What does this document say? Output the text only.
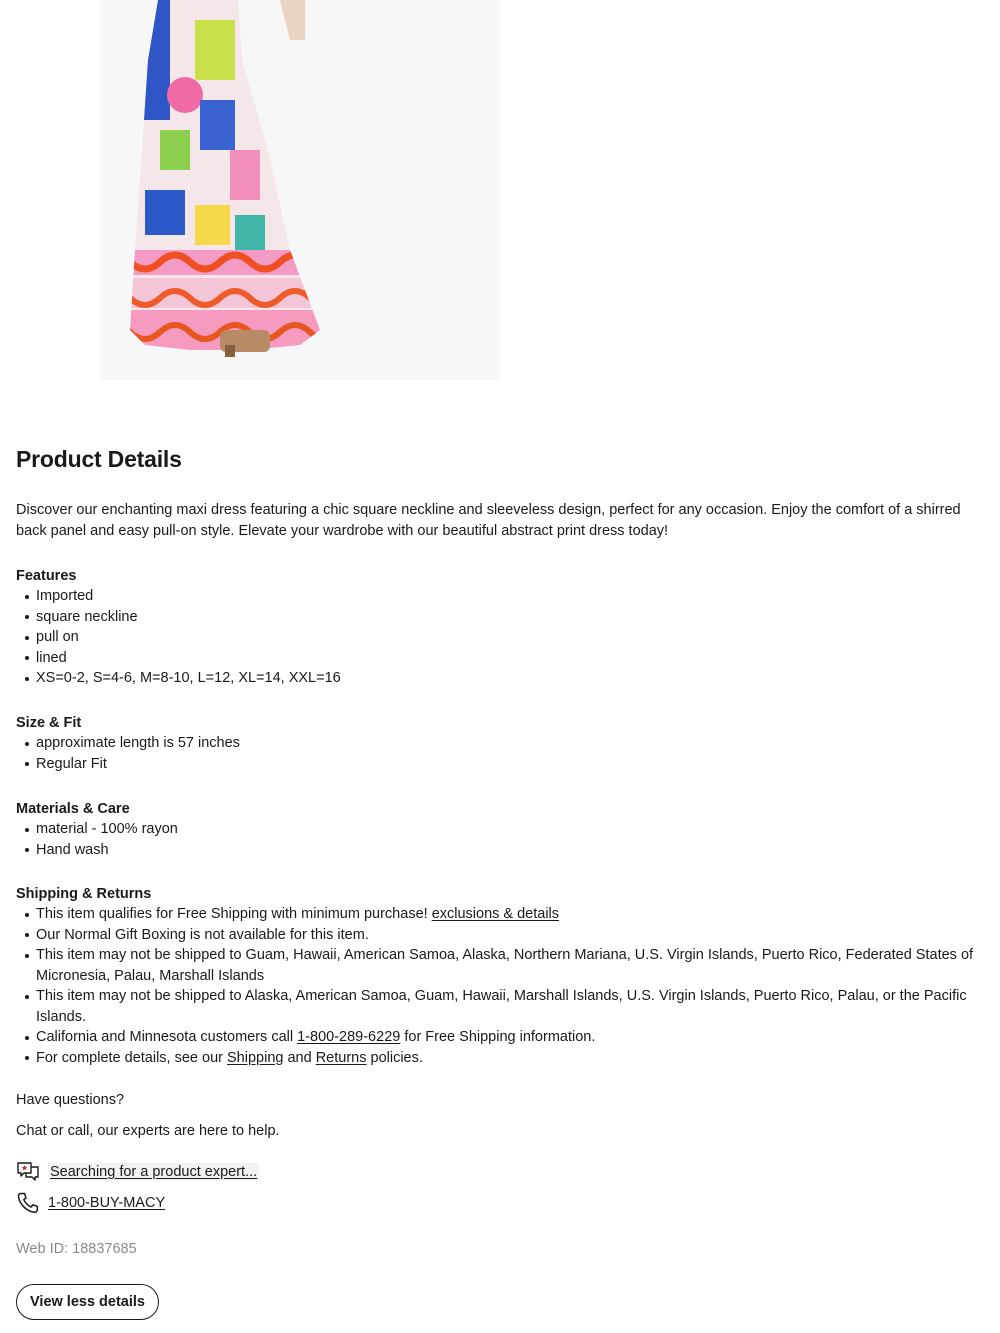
Product Details

Discover our enchanting maxi dress featuring a chic square neckline and sleeveless design, perfect for any occasion. Enjoy the comfort of a shirred back panel and easy pull-on style. Elevate your wardrobe with our beautiful abstract print dress today!

Features
Imported
square neckline
pull on
lined
XS=0-2, S=4-6, M=8-10, L=12, XL=14, XXL=16
Size & Fit
approximate length is 57 inches
Regular Fit
Materials & Care
material - 100% rayon
Hand wash
Shipping & Returns
This item qualifies for Free Shipping with minimum purchase! exclusions & details
Our Normal Gift Boxing is not available for this item.
This item may not be shipped to Guam, Hawaii, American Samoa, Alaska, Northern Mariana, U.S. Virgin Islands, Puerto Rico, Federated States of Micronesia, Palau, Marshall Islands
This item may not be shipped to Alaska, American Samoa, Guam, Hawaii, Marshall Islands, U.S. Virgin Islands, Puerto Rico, Palau, or the Pacific Islands.
California and Minnesota customers call 1-800-289-6229 for Free Shipping information.
For complete details, see our Shipping and Returns policies.
Have questions?
Chat or call, our experts are here to help.
Searching for a product expert...
1-800-BUY-MACY
Web ID: 18837685
View less details
